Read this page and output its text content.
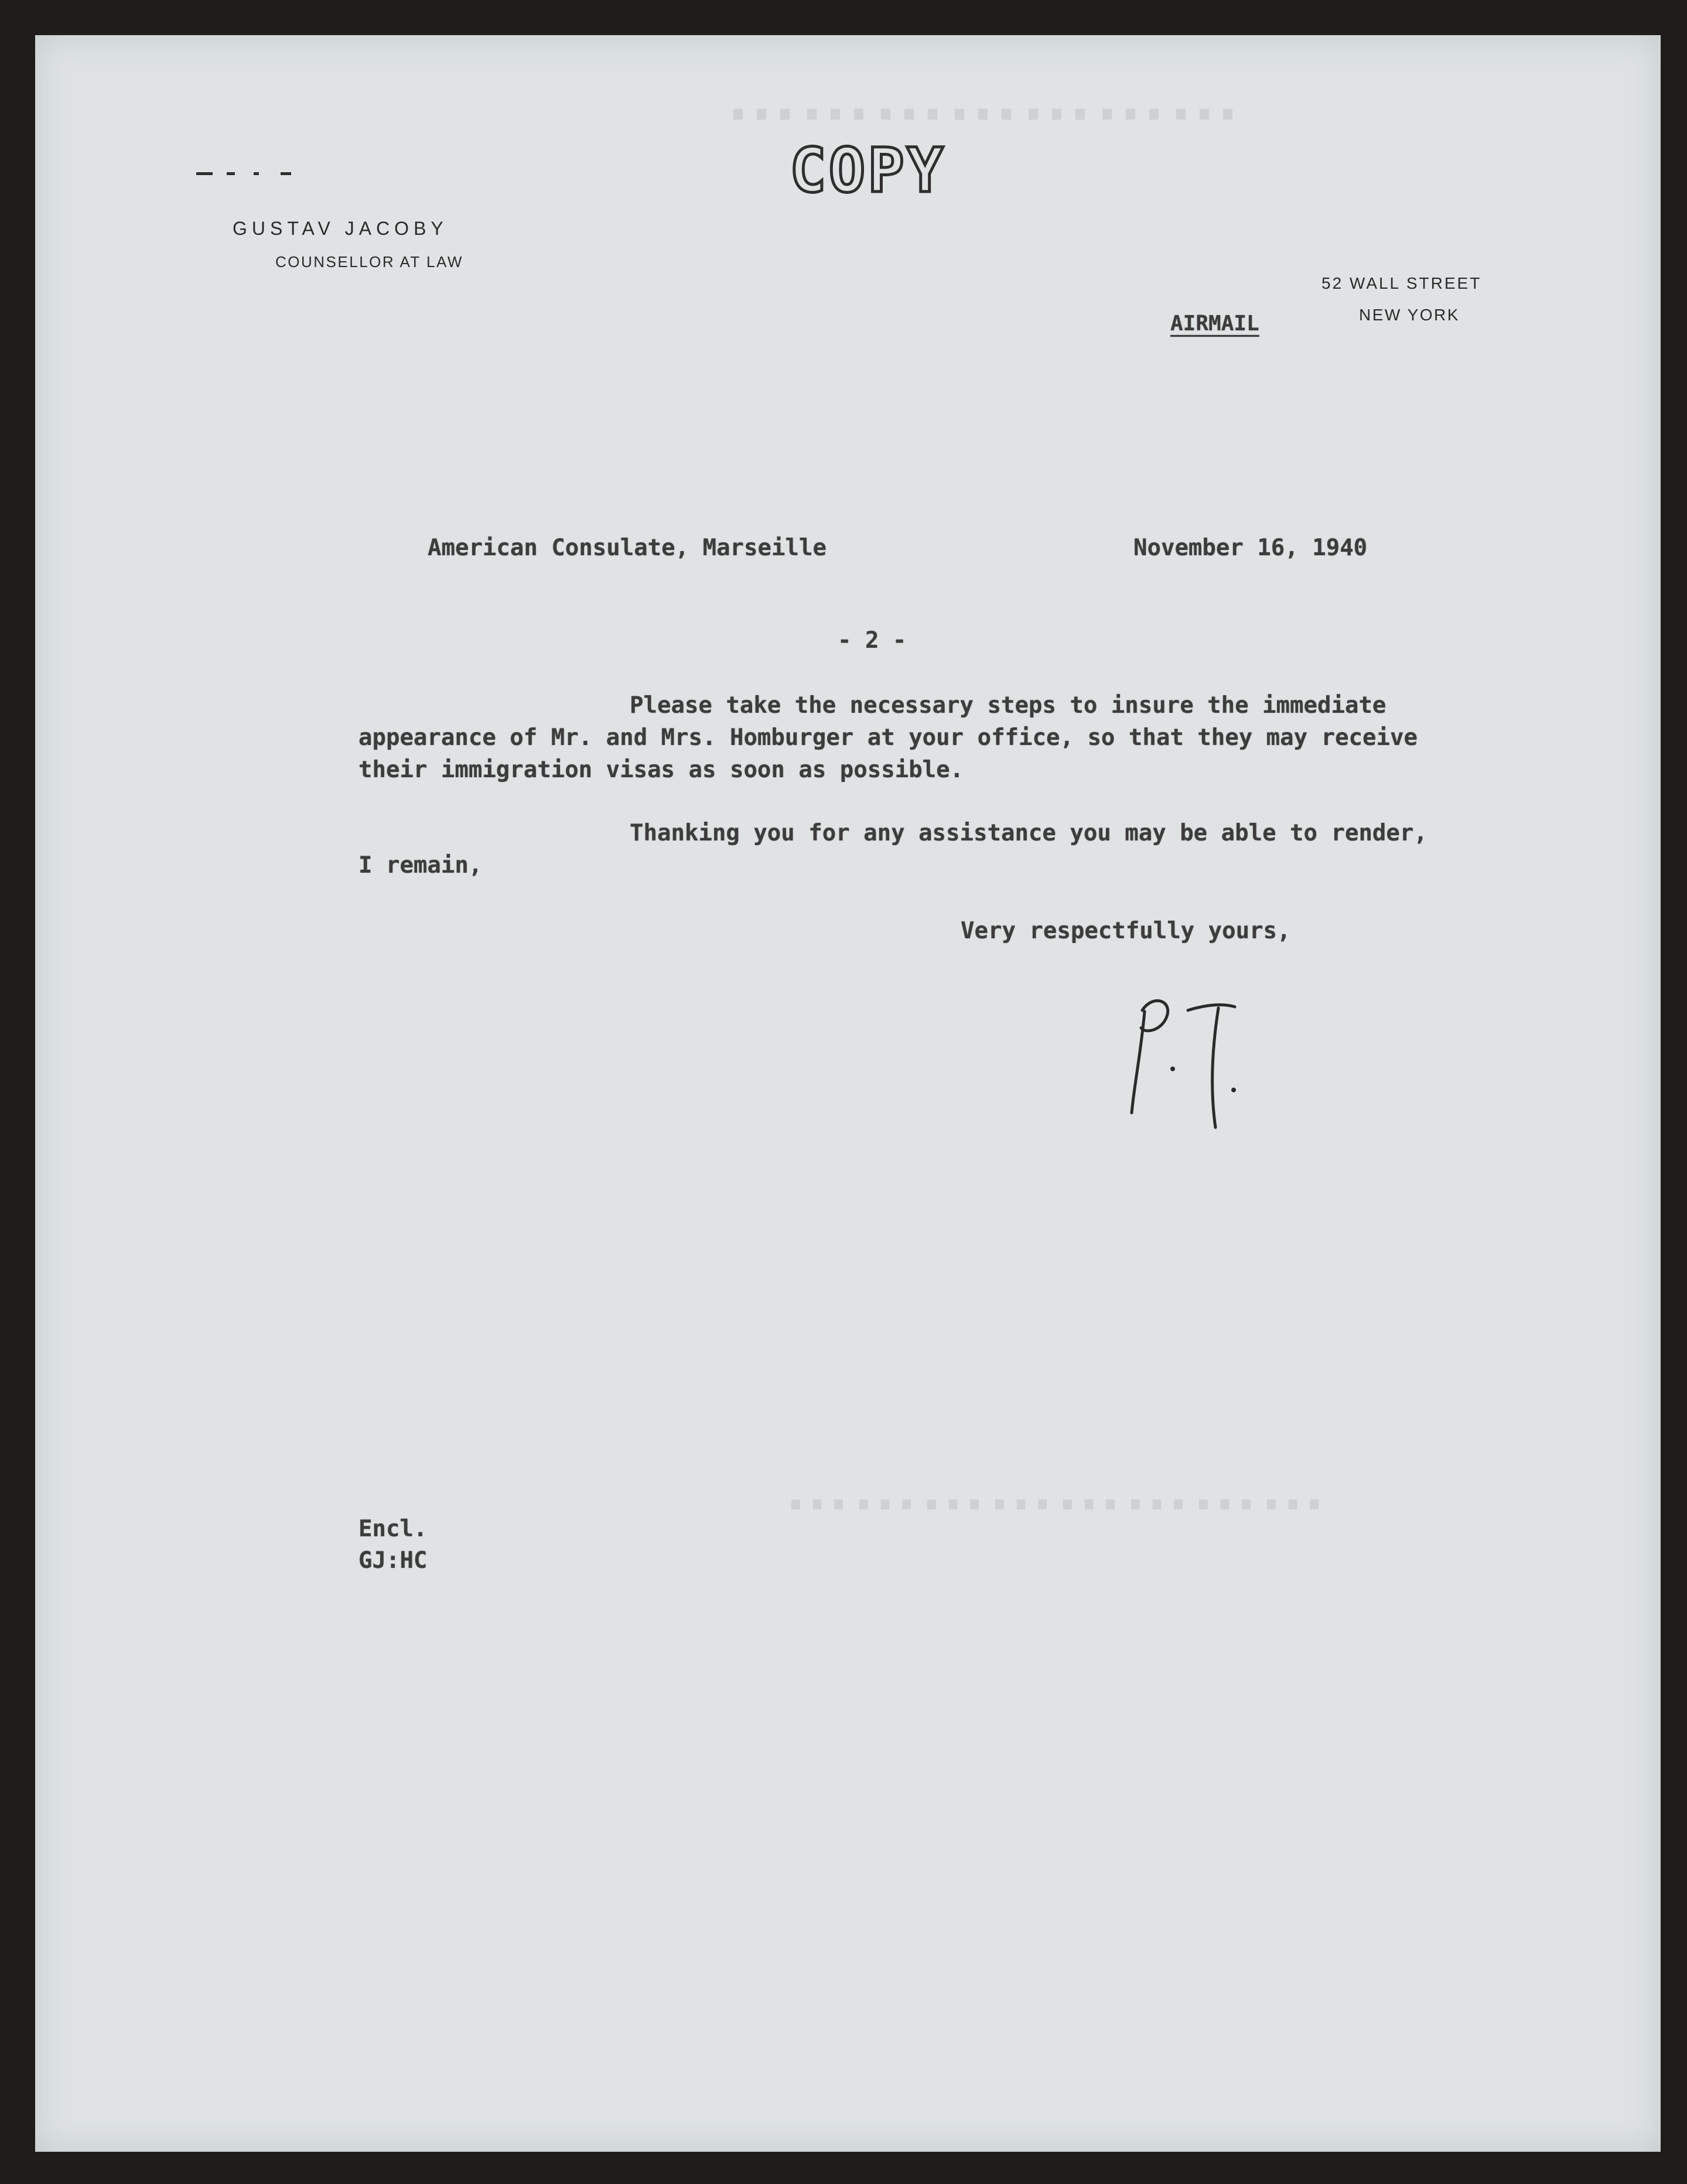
⋯⋯⋯⋯⋯⋯⋯
⋯⋯⋯⋯⋯⋯⋯⋯
COPY
GUSTAV JACOBY
COUNSELLOR AT LAW
52 WALL STREET
NEW YORK
AIRMAIL
American Consulate, Marseille	November 16, 1940
- 2 -
Please take the necessary steps to insure the immediate
appearance of Mr. and Mrs. Homburger at your office, so that they may receive
their immigration visas as soon as possible.
Thanking you for any assistance you may be able to render,
I remain,
Very respectfully yours,
Encl.
GJ:HC
